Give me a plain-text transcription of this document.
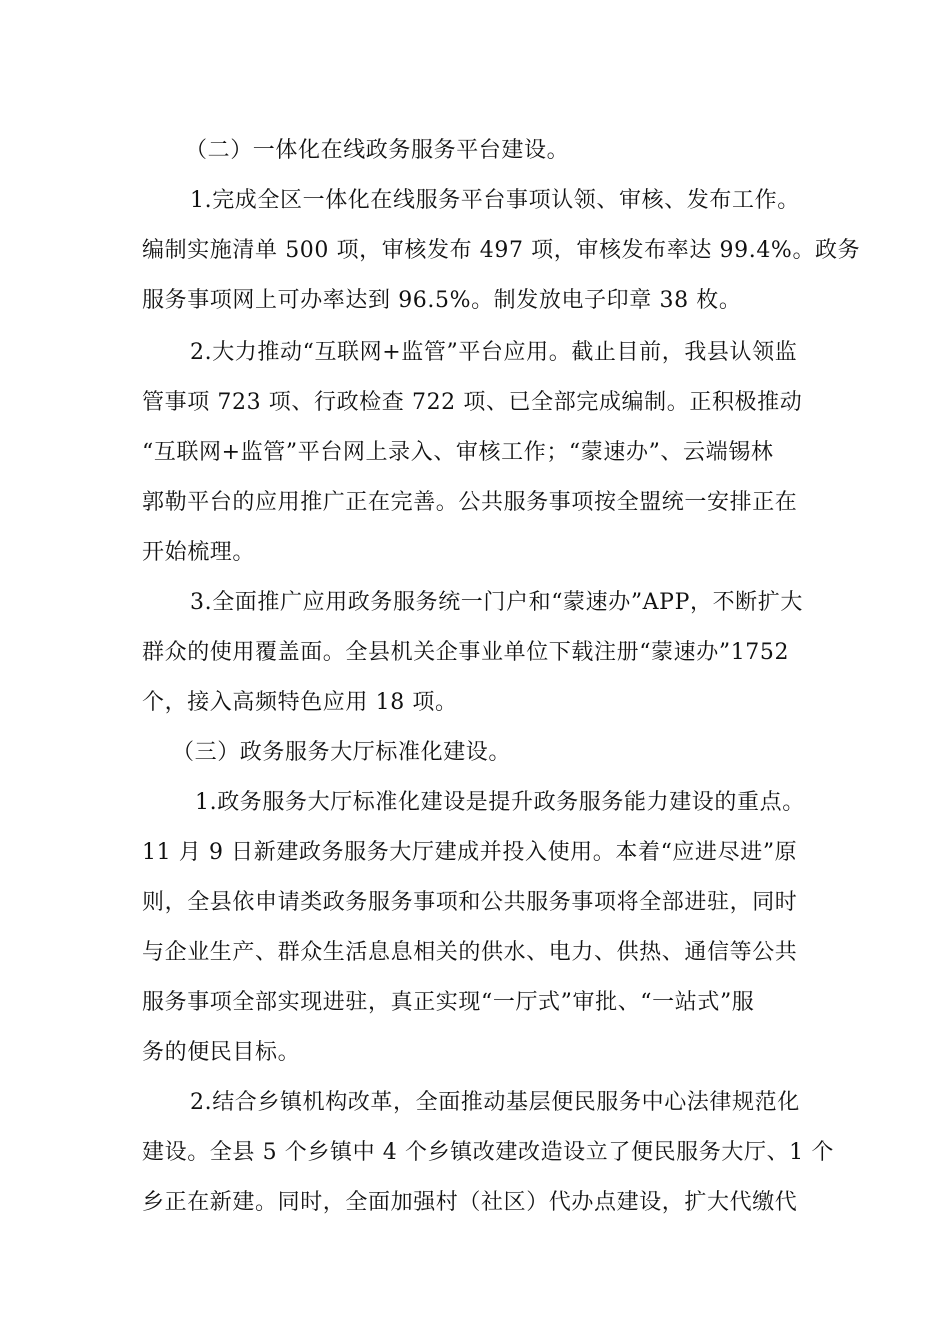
（二）一体化在线政务服务平台建设。
1.完成全区一体化在线服务平台事项认领、审核、发布工作。
编制实施清单 500 项，审核发布 497 项，审核发布率达 99.4%。政务
服务事项网上可办率达到 96.5%。制发放电子印章 38 枚。
2.大力推动“互联网+监管”平台应用。截止目前，我县认领监
管事项 723 项、行政检查 722 项、已全部完成编制。正积极推动
“互联网+监管”平台网上录入、审核工作；“蒙速办”、云端锡林
郭勒平台的应用推广正在完善。公共服务事项按全盟统一安排正在
开始梳理。
3.全面推广应用政务服务统一门户和“蒙速办”APP，不断扩大
群众的使用覆盖面。全县机关企事业单位下载注册“蒙速办”1752
个，接入高频特色应用 18 项。
（三）政务服务大厅标准化建设。
1.政务服务大厅标准化建设是提升政务服务能力建设的重点。
11 月 9 日新建政务服务大厅建成并投入使用。本着“应进尽进”原
则，全县依申请类政务服务事项和公共服务事项将全部进驻，同时
与企业生产、群众生活息息相关的供水、电力、供热、通信等公共
服务事项全部实现进驻，真正实现“一厅式”审批、“一站式”服
务的便民目标。
2.结合乡镇机构改革，全面推动基层便民服务中心法律规范化
建设。全县 5 个乡镇中 4 个乡镇改建改造设立了便民服务大厅、1 个
乡正在新建。同时，全面加强村（社区）代办点建设，扩大代缴代
